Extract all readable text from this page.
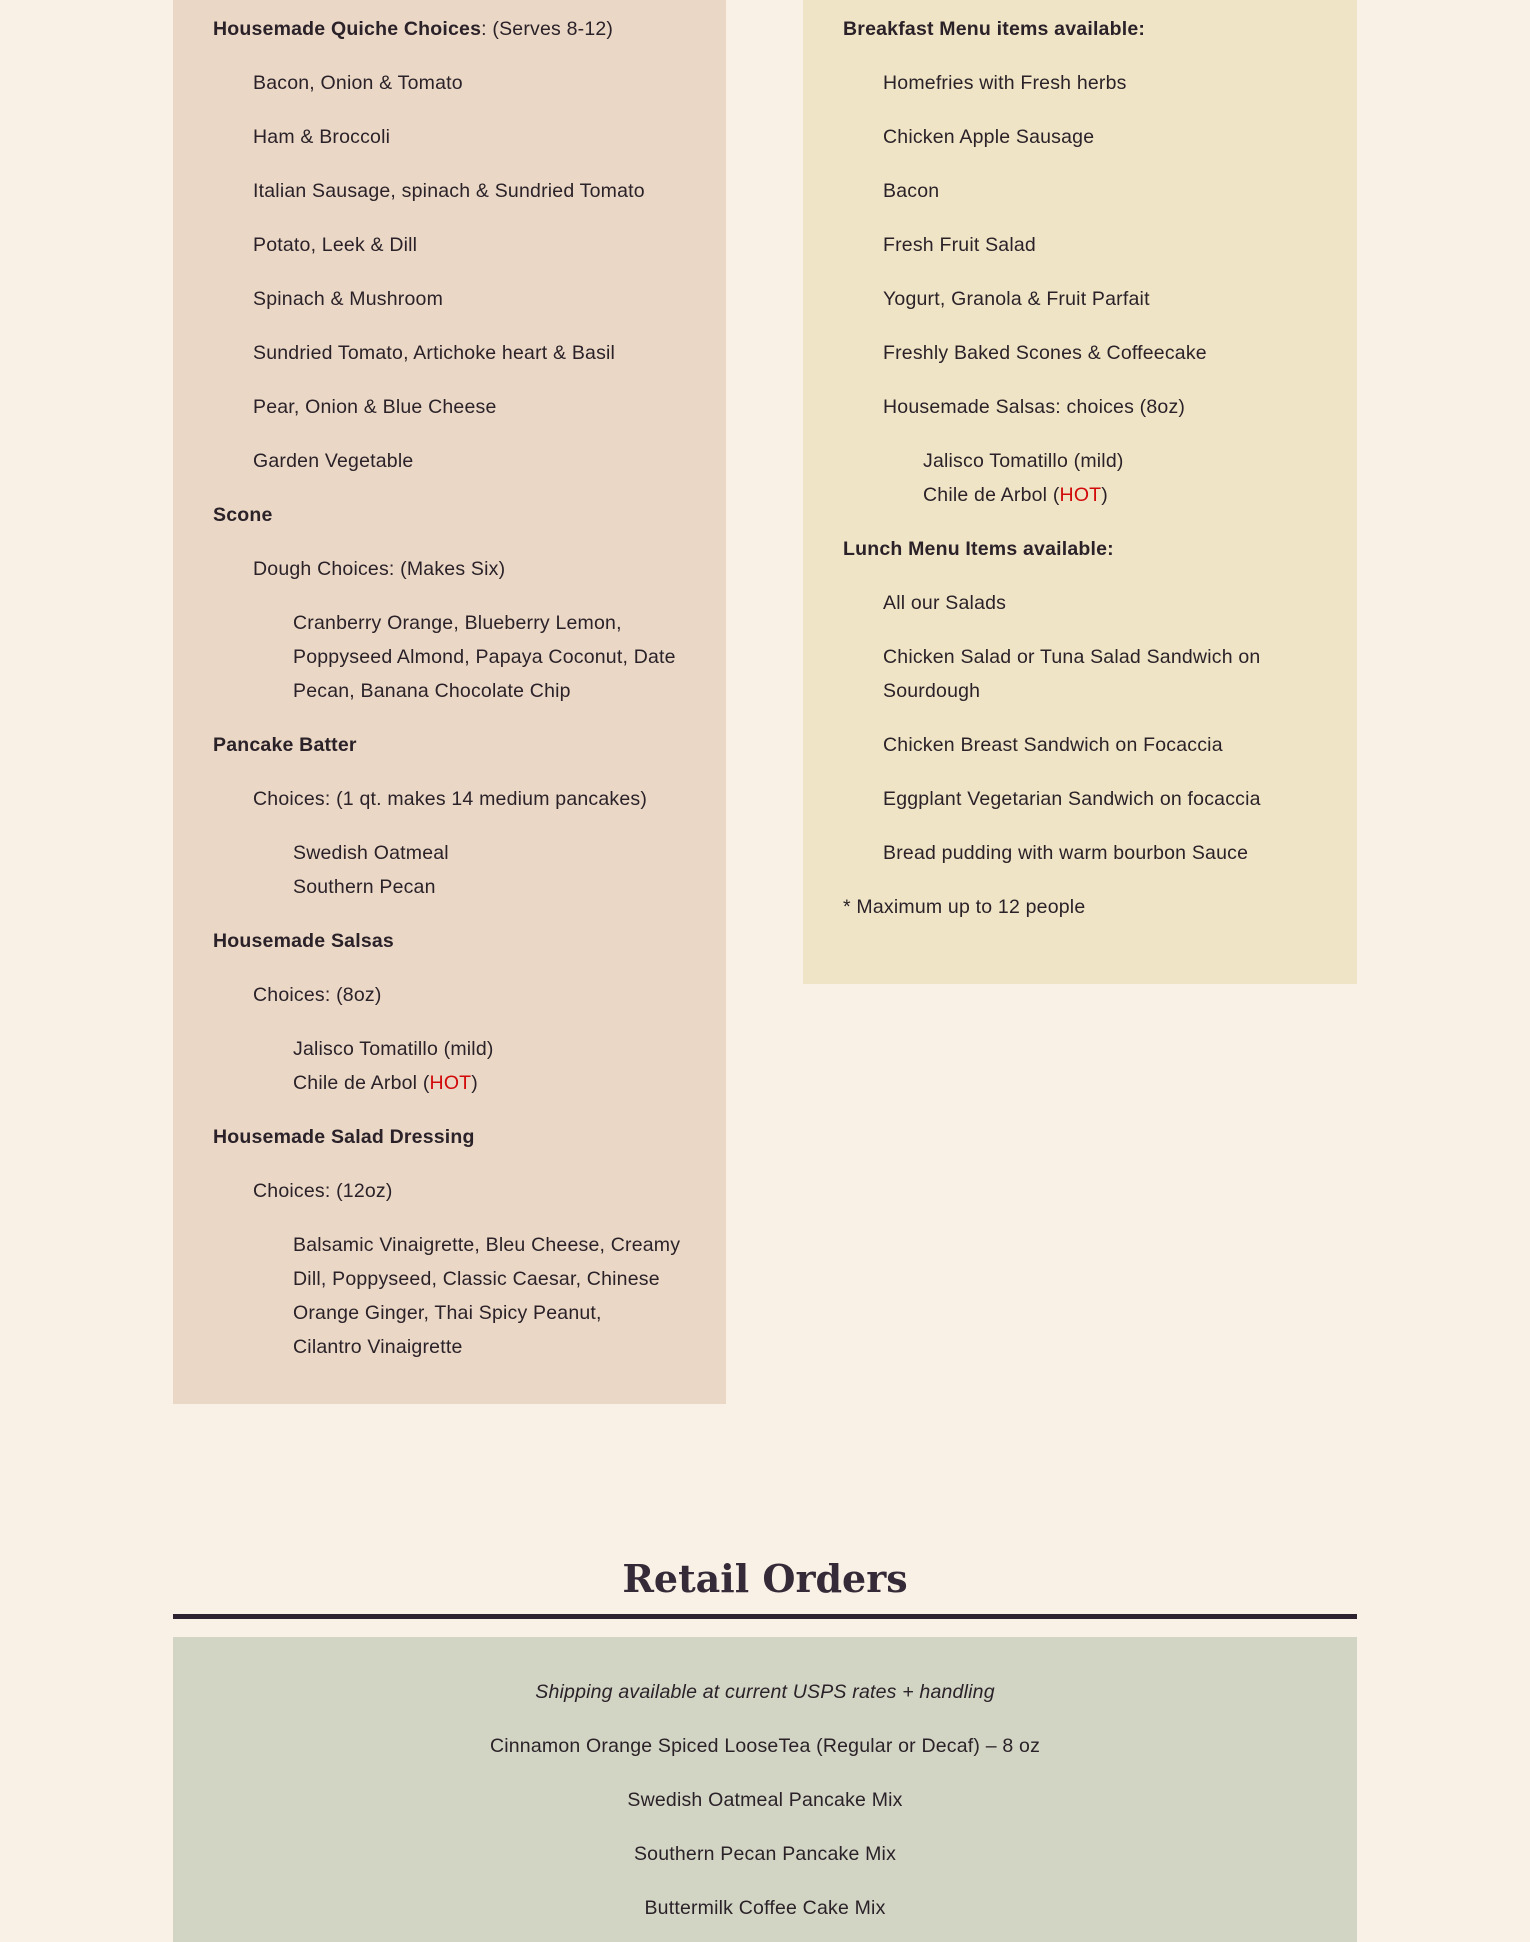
Housemade Quiche Choices: (Serves 8-12)

Bacon, Onion & Tomato

Ham & Broccoli

Italian Sausage, spinach & Sundried Tomato

Potato, Leek & Dill

Spinach & Mushroom

Sundried Tomato, Artichoke heart & Basil

Pear, Onion & Blue Cheese

Garden Vegetable

Scone

Dough Choices: (Makes Six)

Cranberry Orange, Blueberry Lemon,
Poppyseed Almond, Papaya Coconut, Date
Pecan, Banana Chocolate Chip

Pancake Batter

Choices: (1 qt. makes 14 medium pancakes)

Swedish Oatmeal
Southern Pecan

Housemade Salsas

Choices: (8oz)

Jalisco Tomatillo (mild)
Chile de Arbol (HOT)

Housemade Salad Dressing

Choices: (12oz)

Balsamic Vinaigrette, Bleu Cheese, Creamy
Dill, Poppyseed, Classic Caesar, Chinese
Orange Ginger, Thai Spicy Peanut,
Cilantro Vinaigrette

Breakfast Menu items available:

Homefries with Fresh herbs

Chicken Apple Sausage

Bacon

Fresh Fruit Salad

Yogurt, Granola & Fruit Parfait

Freshly Baked Scones & Coffeecake

Housemade Salsas: choices (8oz)

Jalisco Tomatillo (mild)
Chile de Arbol (HOT)

Lunch Menu Items available:

All our Salads

Chicken Salad or Tuna Salad Sandwich on
Sourdough

Chicken Breast Sandwich on Focaccia

Eggplant Vegetarian Sandwich on focaccia

Bread pudding with warm bourbon Sauce

* Maximum up to 12 people

Retail Orders

Shipping available at current USPS rates + handling

Cinnamon Orange Spiced LooseTea (Regular or Decaf) – 8 oz

Swedish Oatmeal Pancake Mix

Southern Pecan Pancake Mix

Buttermilk Coffee Cake Mix
